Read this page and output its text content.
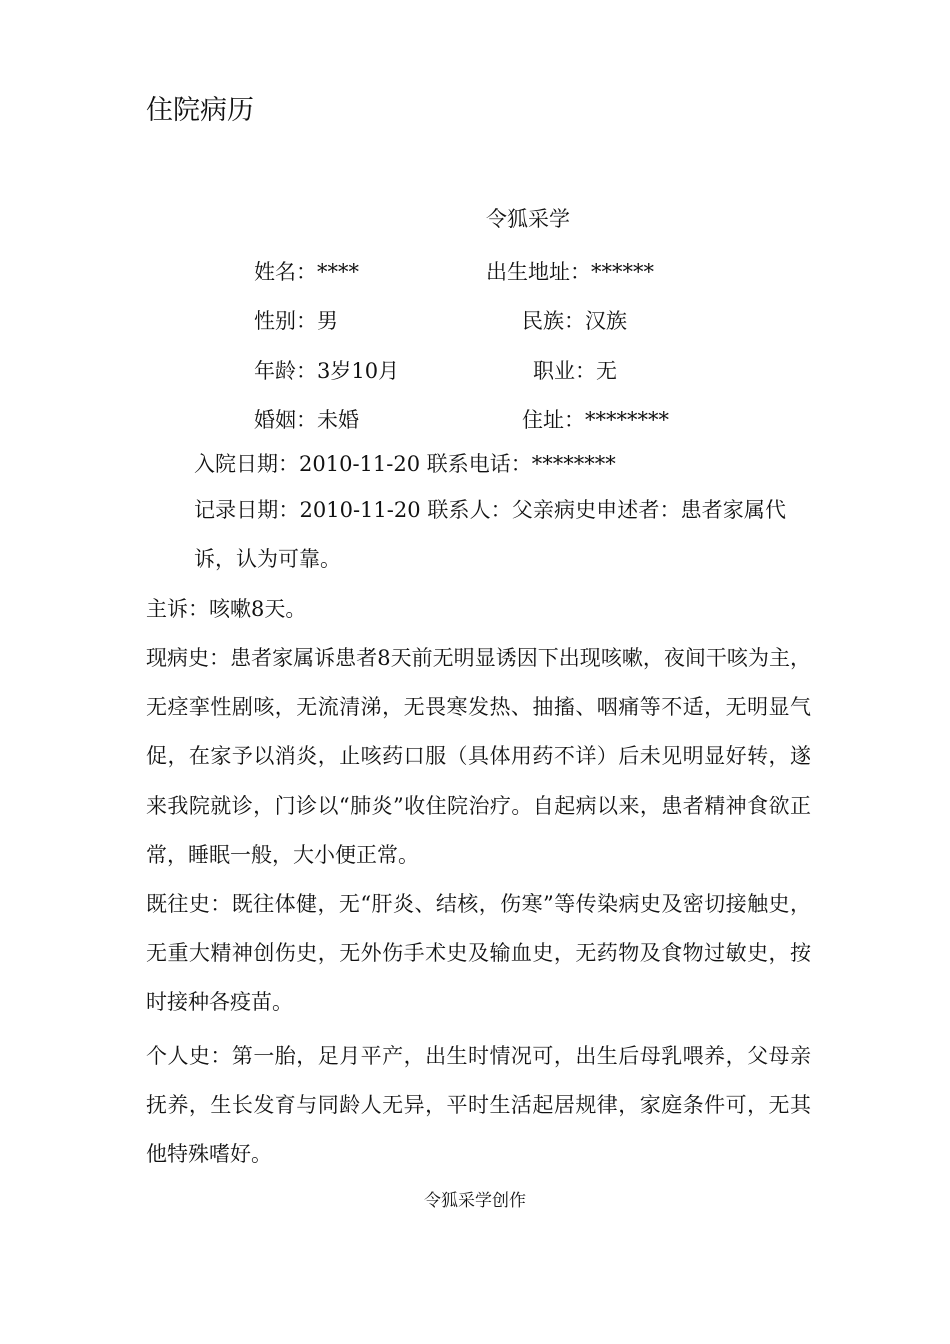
住院病历
令狐采学
姓名：****	出生地址：******
性别：男	民族：汉族
年龄：3岁10月	职业：无
婚姻：未婚	住址：********
入院日期：2010-11-20 联系电话：********
记录日期：2010-11-20 联系人：父亲病史申述者：患者家属代诉，认为可靠。
主诉：咳嗽8天。
现病史：患者家属诉患者8天前无明显诱因下出现咳嗽，夜间干咳为主，无痉挛性剧咳，无流清涕，无畏寒发热、抽搐、咽痛等不适，无明显气促，在家予以消炎，止咳药口服（具体用药不详）后未见明显好转，遂来我院就诊，门诊以“肺炎”收住院治疗。自起病以来，患者精神食欲正常，睡眠一般，大小便正常。
既往史：既往体健，无“肝炎、结核，伤寒”等传染病史及密切接触史，无重大精神创伤史，无外伤手术史及输血史，无药物及食物过敏史，按时接种各疫苗。
个人史：第一胎，足月平产，出生时情况可，出生后母乳喂养，父母亲抚养，生长发育与同龄人无异，平时生活起居规律，家庭条件可，无其他特殊嗜好。
令狐采学创作
